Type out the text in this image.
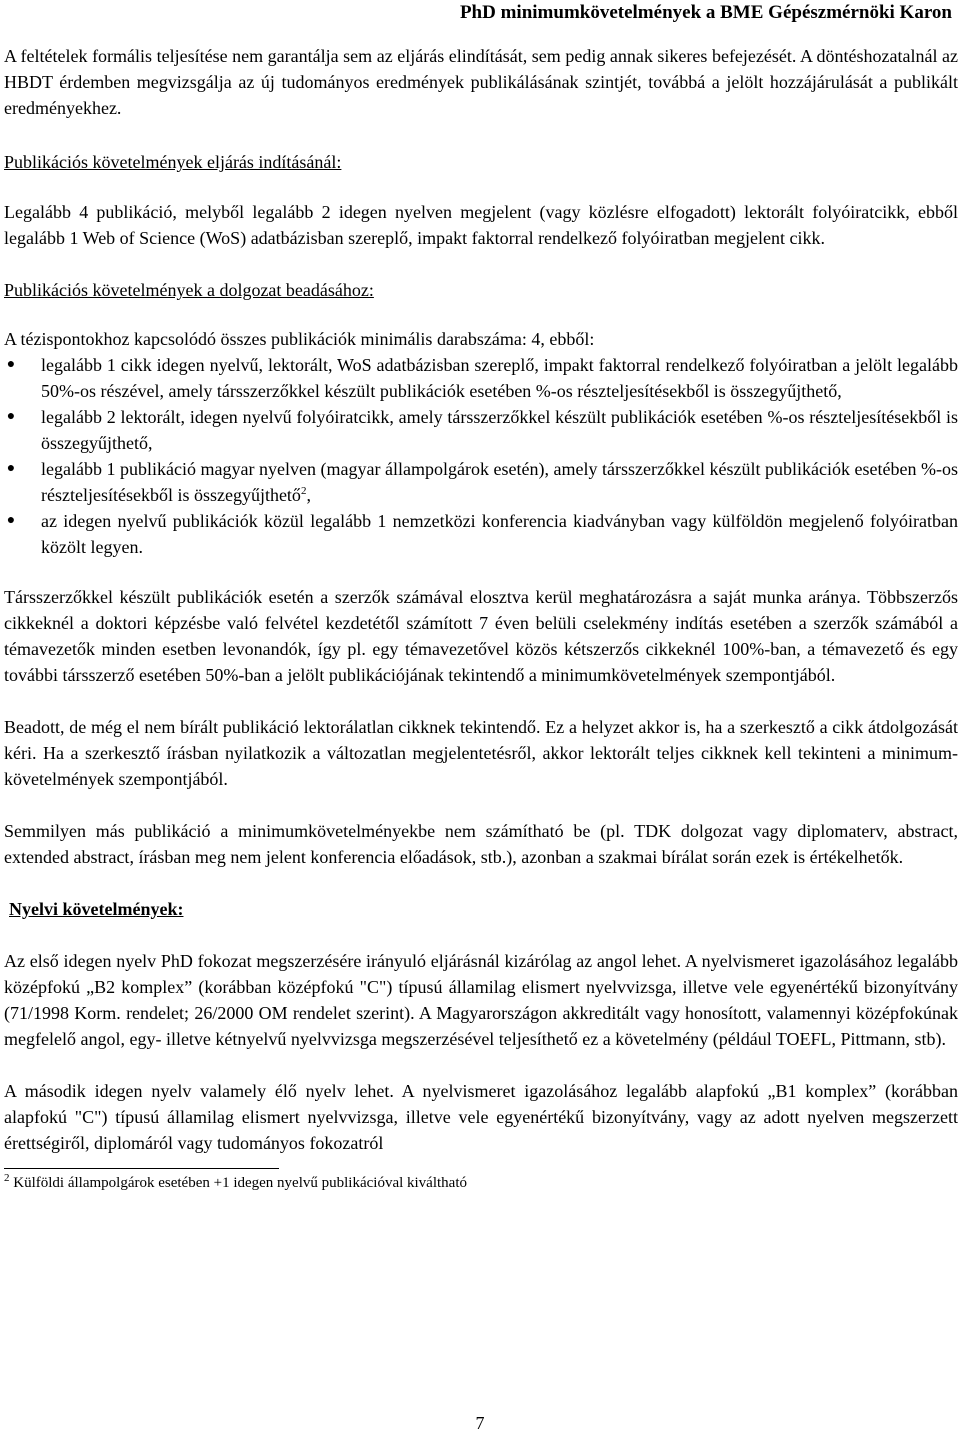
PhD minimumkövetelmények a BME Gépészmérnöki Karon

A feltételek formális teljesítése nem garantálja sem az eljárás elindítását, sem pedig annak sikeres befejezését. A döntéshozatalnál az HBDT érdemben megvizsgálja az új tudományos eredmények publikálásának szintjét, továbbá a jelölt hozzájárulását a publikált eredményekhez.

Publikációs követelmények eljárás indításánál:

Legalább 4 publikáció, melyből legalább 2 idegen nyelven megjelent (vagy közlésre elfogadott) lektorált folyóiratcikk, ebből legalább 1 Web of Science (WoS) adatbázisban szereplő, impakt faktorral rendelkező folyóiratban megjelent cikk.

Publikációs követelmények a dolgozat beadásához:

A tézispontokhoz kapcsolódó összes publikációk minimális darabszáma: 4, ebből:

● legalább 1 cikk idegen nyelvű, lektorált, WoS adatbázisban szereplő, impakt faktorral rendelkező folyóiratban a jelölt legalább 50%-os részével, amely társszerzőkkel készült publikációk esetében %-os részteljesítésekből is összegyűjthető,
● legalább 2 lektorált, idegen nyelvű folyóiratcikk, amely társszerzőkkel készült publikációk esetében %-os részteljesítésekből is összegyűjthető,
● legalább 1 publikáció magyar nyelven (magyar állampolgárok esetén), amely társszerzőkkel készült publikációk esetében %-os részteljesítésekből is összegyűjthető$^2$,
● az idegen nyelvű publikációk közül legalább 1 nemzetközi konferencia kiadványban vagy külföldön megjelenő folyóiratban közölt legyen.

Társszerzőkkel készült publikációk esetén a szerzők számával elosztva kerül meghatározásra a saját munka aránya. Többszerzős cikkeknél a doktori képzésbe való felvétel kezdetétől számított 7 éven belüli cselekmény indítás esetében a szerzők számából a témavezetők minden esetben levonandók, így pl. egy témavezetővel közös kétszerzős cikkeknél 100%-ban, a témavezető és egy további társszerző esetében 50%-ban a jelölt publikációjának tekintendő a minimumkövetelmények szempontjából.

Beadott, de még el nem bírált publikáció lektorálatlan cikknek tekintendő. Ez a helyzet akkor is, ha a szerkesztő a cikk átdolgozását kéri. Ha a szerkesztő írásban nyilatkozik a változatlan megjelentetésről, akkor lektorált teljes cikknek kell tekinteni a minimum-követelmények szempontjából.

Semmilyen más publikáció a minimumkövetelményekbe nem számítható be (pl. TDK dolgozat vagy diplomaterv, abstract, extended abstract, írásban meg nem jelent konferencia előadások, stb.), azonban a szakmai bírálat során ezek is értékelhetők.

Nyelvi követelmények:

Az első idegen nyelv PhD fokozat megszerzésére irányuló eljárásnál kizárólag az angol lehet. A nyelvismeret igazolásához legalább középfokú „B2 komplex” (korábban középfokú "C") típusú államilag elismert nyelvvizsga, illetve vele egyenértékű bizonyítvány (71/1998 Korm. rendelet; 26/2000 OM rendelet szerint). A Magyarországon akkreditált vagy honosított, valamennyi középfokúnak megfelelő angol, egy- illetve kétnyelvű nyelvvizsga megszerzésével teljesíthető ez a követelmény (például TOEFL, Pittmann, stb).

A második idegen nyelv valamely élő nyelv lehet. A nyelvismeret igazolásához legalább alapfokú „B1 komplex” (korábban alapfokú "C") típusú államilag elismert nyelvvizsga, illetve vele egyenértékű bizonyítvány, vagy az adott nyelven megszerzett érettségiről, diplomáról vagy tudományos fokozatról

$^2$ Külföldi állampolgárok esetében +1 idegen nyelvű publikációval kiváltható

7
